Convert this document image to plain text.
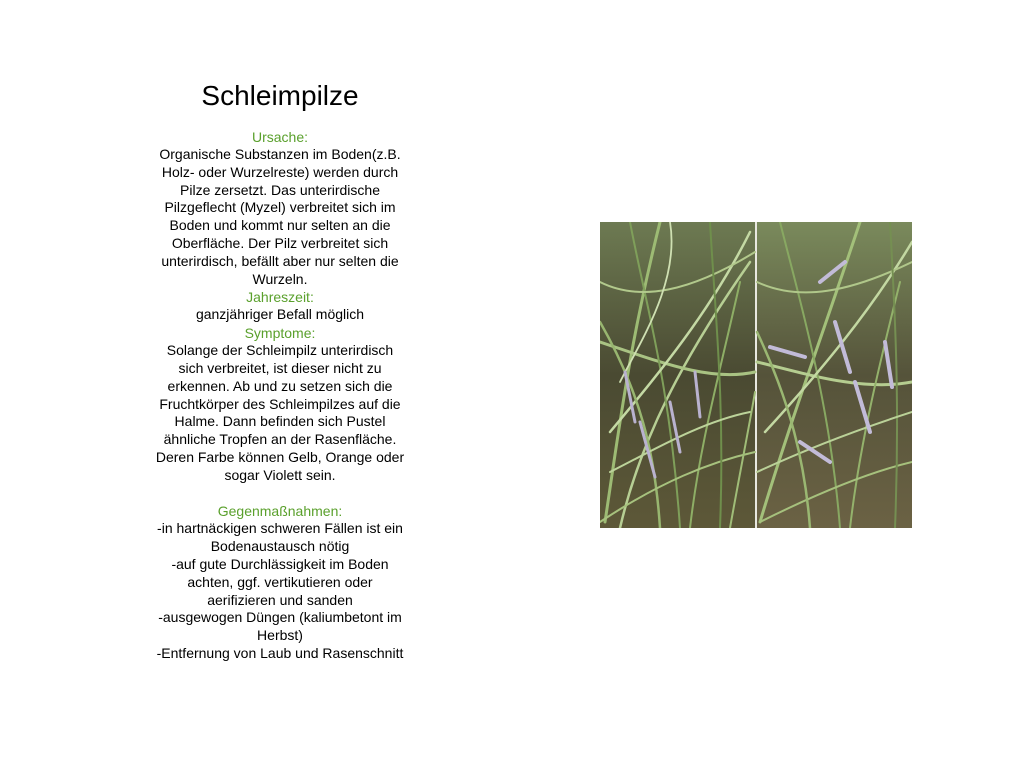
Schleimpilze
Ursache:
Organische Substanzen im Boden(z.B.
Holz- oder Wurzelreste) werden durch
Pilze zersetzt. Das unterirdische
Pilzgeflecht (Myzel) verbreitet sich im
Boden und kommt nur selten an die
Oberfläche. Der Pilz verbreitet sich
unterirdisch, befällt aber nur selten die
Wurzeln.
Jahreszeit:
ganzjähriger Befall möglich
Symptome:
Solange der Schleimpilz unterirdisch
sich verbreitet, ist dieser nicht zu
erkennen. Ab und zu setzen sich die
Fruchtkörper des Schleimpilzes auf die
Halme. Dann befinden sich Pustel
ähnliche Tropfen an der Rasenfläche.
Deren Farbe können Gelb, Orange oder
sogar Violett sein.
Gegenmaßnahmen:
-in hartnäckigen schweren Fällen ist ein
Bodenaustausch nötig
-auf gute Durchlässigkeit im Boden
achten, ggf. vertikutieren oder
aerifizieren und sanden
-ausgewogen Düngen (kaliumbetont im
Herbst)
-Entfernung von Laub und Rasenschnitt
